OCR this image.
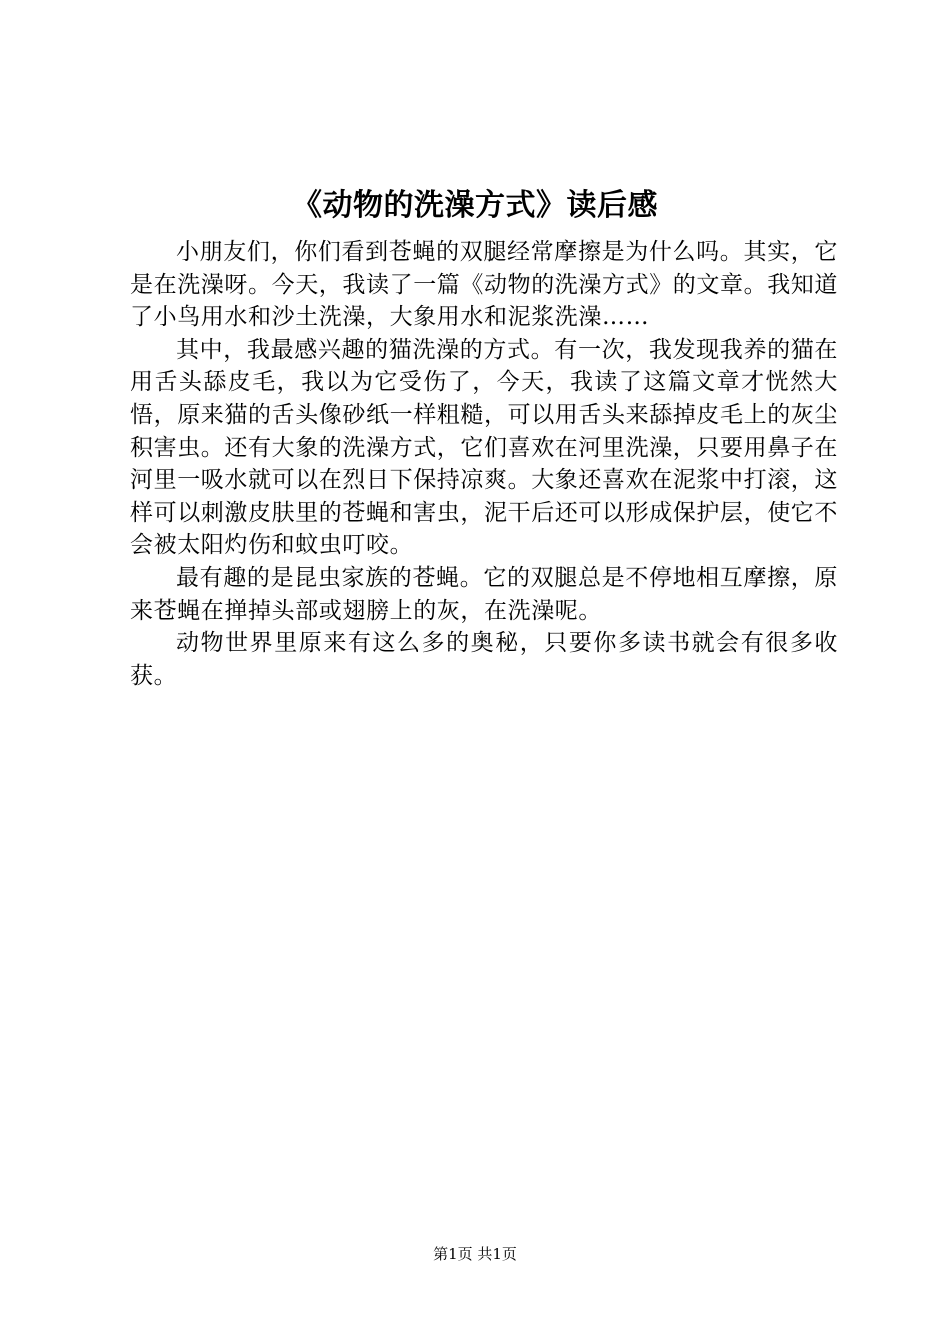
《动物的洗澡方式》读后感

小朋友们，你们看到苍蝇的双腿经常摩擦是为什么吗。其实，它是在洗澡呀。今天，我读了一篇《动物的洗澡方式》的文章。我知道了小鸟用水和沙土洗澡，大象用水和泥浆洗澡……

其中，我最感兴趣的猫洗澡的方式。有一次，我发现我养的猫在用舌头舔皮毛，我以为它受伤了，今天，我读了这篇文章才恍然大悟，原来猫的舌头像砂纸一样粗糙，可以用舌头来舔掉皮毛上的灰尘积害虫。还有大象的洗澡方式，它们喜欢在河里洗澡，只要用鼻子在河里一吸水就可以在烈日下保持凉爽。大象还喜欢在泥浆中打滚，这样可以刺激皮肤里的苍蝇和害虫，泥干后还可以形成保护层，使它不会被太阳灼伤和蚊虫叮咬。

最有趣的是昆虫家族的苍蝇。它的双腿总是不停地相互摩擦，原来苍蝇在掸掉头部或翅膀上的灰，在洗澡呢。

动物世界里原来有这么多的奥秘，只要你多读书就会有很多收获。

第1页 共1页
